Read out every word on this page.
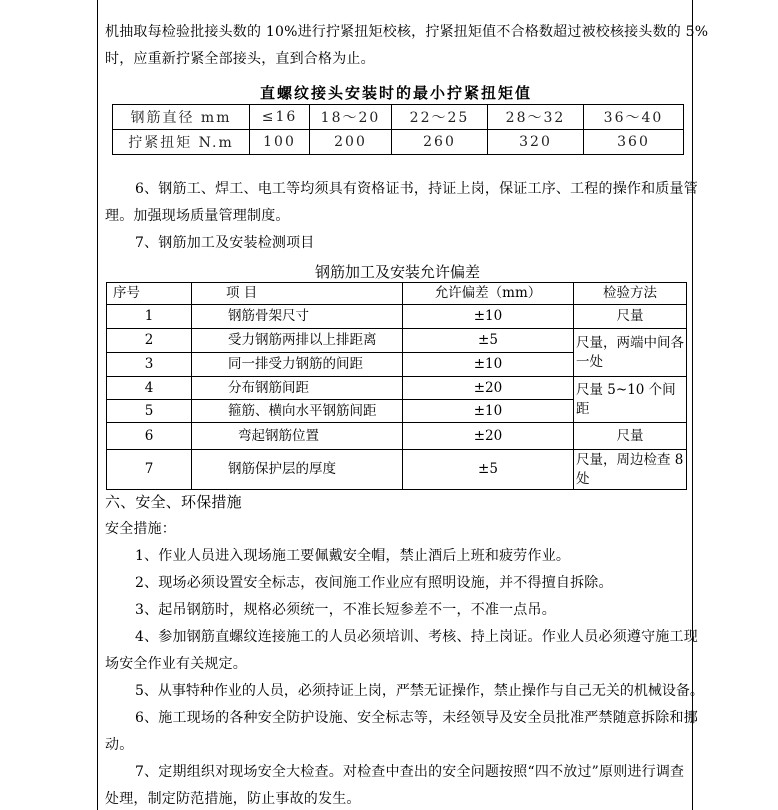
机抽取每检验批接头数的 10%进行拧紧扭矩校核，拧紧扭矩值不合格数超过被校核接头数的 5%
时，应重新拧紧全部接头，直到合格为止。
直螺纹接头安装时的最小拧紧扭矩值
钢筋直径 mm	≤16	18～20	22～25	28～32	36～40
拧紧扭矩 N.m	100	200	260	320	360
6、钢筋工、焊工、电工等均须具有资格证书，持证上岗，保证工序、工程的操作和质量管
理。加强现场质量管理制度。
7、钢筋加工及安装检测项目
钢筋加工及安装允许偏差
序号	项 目	允许偏差（mm）	检验方法
1	钢筋骨架尺寸	±10	尺量
2	受力钢筋两排以上排距离	±5	尺量，两端中间各一处
3	同一排受力钢筋的间距	±10	
4	分布钢筋间距	±20	尺量 5~10 个间距
5	箍筋、横向水平钢筋间距	±10	
6	弯起钢筋位置	±20	尺量
7	钢筋保护层的厚度	±5	尺量，周边检查 8 处
六、安全、环保措施
安全措施：
1、作业人员进入现场施工要佩戴安全帽，禁止酒后上班和疲劳作业。
2、现场必须设置安全标志，夜间施工作业应有照明设施，并不得擅自拆除。
3、起吊钢筋时，规格必须统一，不准长短参差不一，不准一点吊。
4、参加钢筋直螺纹连接施工的人员必须培训、考核、持上岗证。作业人员必须遵守施工现
场安全作业有关规定。
5、从事特种作业的人员，必须持证上岗，严禁无证操作，禁止操作与自己无关的机械设备。
6、施工现场的各种安全防护设施、安全标志等，未经领导及安全员批准严禁随意拆除和挪
动。
7、定期组织对现场安全大检查。对检查中查出的安全问题按照“四不放过”原则进行调查
处理，制定防范措施，防止事故的发生。
